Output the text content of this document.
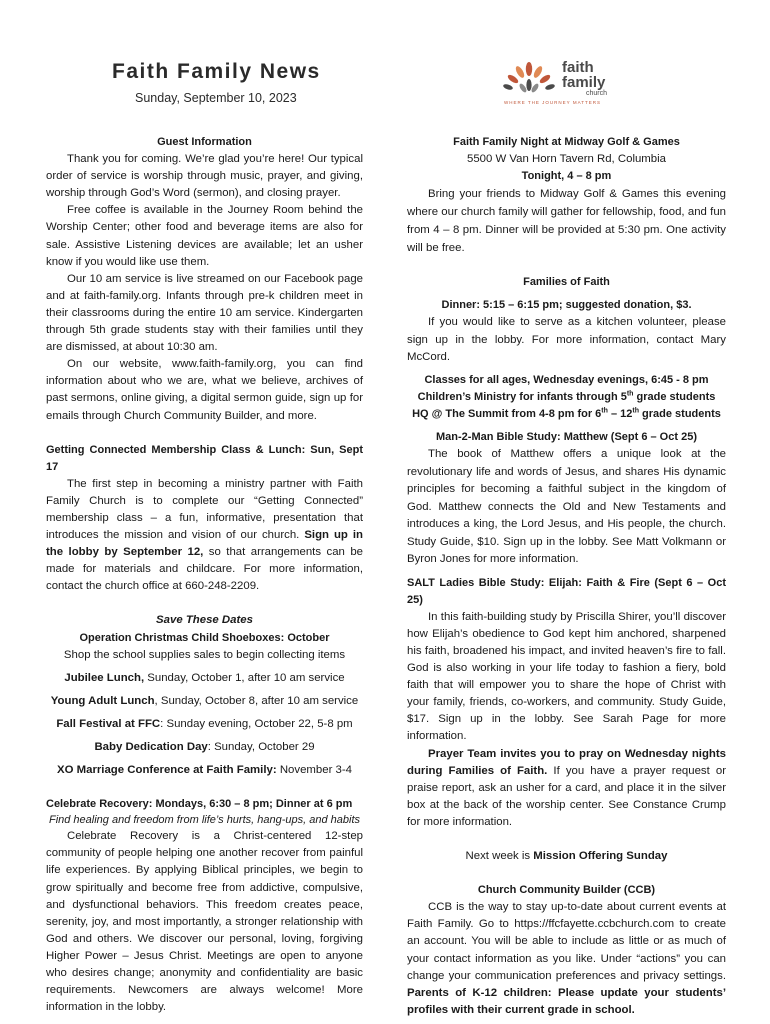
Faith Family News
Sunday, September 10, 2023
faith
family
church
WHERE THE JOURNEY MATTERS

Guest Information

Thank you for coming. We’re glad you’re here! Our typical order of service is worship through music, prayer, and giving, worship through God’s Word (sermon), and closing prayer.

Free coffee is available in the Journey Room behind the Worship Center; other food and beverage items are also for sale. Assistive Listening devices are available; let an usher know if you would like use them.

Our 10 am service is live streamed on our Facebook page and at faith-family.org. Infants through pre-k children meet in their classrooms during the entire 10 am service. Kindergarten through 5th grade students stay with their families until they are dismissed, at about 10:30 am.

On our website, www.faith-family.org, you can find information about who we are, what we believe, archives of past sermons, online giving, a digital sermon guide, sign up for emails through Church Community Builder, and more.

Getting Connected Membership Class & Lunch: Sun, Sept 17

The first step in becoming a ministry partner with Faith Family Church is to complete our “Getting Connected” membership class – a fun, informative, presentation that introduces the mission and vision of our church. Sign up in the lobby by September 12, so that arrangements can be made for materials and childcare. For more information, contact the church office at 660-248-2209.

Save These Dates

Operation Christmas Child Shoeboxes: October

Shop the school supplies sales to begin collecting items

Jubilee Lunch, Sunday, October 1, after 10 am service

Young Adult Lunch, Sunday, October 8, after 10 am service

Fall Festival at FFC: Sunday evening, October 22, 5-8 pm

Baby Dedication Day: Sunday, October 29

XO Marriage Conference at Faith Family: November 3-4

Celebrate Recovery: Mondays, 6:30 – 8 pm; Dinner at 6 pm

Find healing and freedom from life’s hurts, hang-ups, and habits

Celebrate Recovery is a Christ-centered 12-step community of people helping one another recover from painful life experiences. By applying Biblical principles, we begin to grow spiritually and become free from addictive, compulsive, and dysfunctional behaviors. This freedom creates peace, serenity, joy, and most importantly, a stronger relationship with God and others. We discover our personal, loving, forgiving Higher Power – Jesus Christ. Meetings are open to anyone who desires change; anonymity and confidentiality are basic requirements. Newcomers are always welcome! More information in the lobby.

Faith Family Night at Midway Golf & Games

5500 W Van Horn Tavern Rd, Columbia

Tonight, 4 – 8 pm

Bring your friends to Midway Golf & Games this evening where our church family will gather for fellowship, food, and fun from 4 – 8 pm. Dinner will be provided at 5:30 pm. One activity will be free.

Families of Faith

Dinner: 5:15 – 6:15 pm; suggested donation, $3.

If you would like to serve as a kitchen volunteer, please sign up in the lobby. For more information, contact Mary McCord.

Classes for all ages, Wednesday evenings, 6:45 - 8 pm

Children’s Ministry for infants through 5th grade students

HQ @ The Summit from 4-8 pm for 6th – 12th grade students

Man-2-Man Bible Study: Matthew (Sept 6 – Oct 25)

The book of Matthew offers a unique look at the revolutionary life and words of Jesus, and shares His dynamic principles for becoming a faithful subject in the kingdom of God. Matthew connects the Old and New Testaments and introduces a king, the Lord Jesus, and His people, the church. Study Guide, $10. Sign up in the lobby. See Matt Volkmann or Byron Jones for more information.

SALT Ladies Bible Study: Elijah: Faith & Fire (Sept 6 – Oct 25)

In this faith-building study by Priscilla Shirer, you’ll discover how Elijah’s obedience to God kept him anchored, sharpened his faith, broadened his impact, and invited heaven’s fire to fall. God is also working in your life today to fashion a fiery, bold faith that will empower you to share the hope of Christ with your family, friends, co-workers, and community. Study Guide, $17. Sign up in the lobby. See Sarah Page for more information.

Prayer Team invites you to pray on Wednesday nights during Families of Faith. If you have a prayer request or praise report, ask an usher for a card, and place it in the silver box at the back of the worship center. See Constance Crump for more information.

Next week is Mission Offering Sunday

Church Community Builder (CCB)

CCB is the way to stay up-to-date about current events at Faith Family. Go to https://ffcfayette.ccbchurch.com to create an account. You will be able to include as little or as much of your contact information as you like. Under “actions” you can change your communication preferences and privacy settings. Parents of K-12 children: Please update your students’ profiles with their current grade in school.
